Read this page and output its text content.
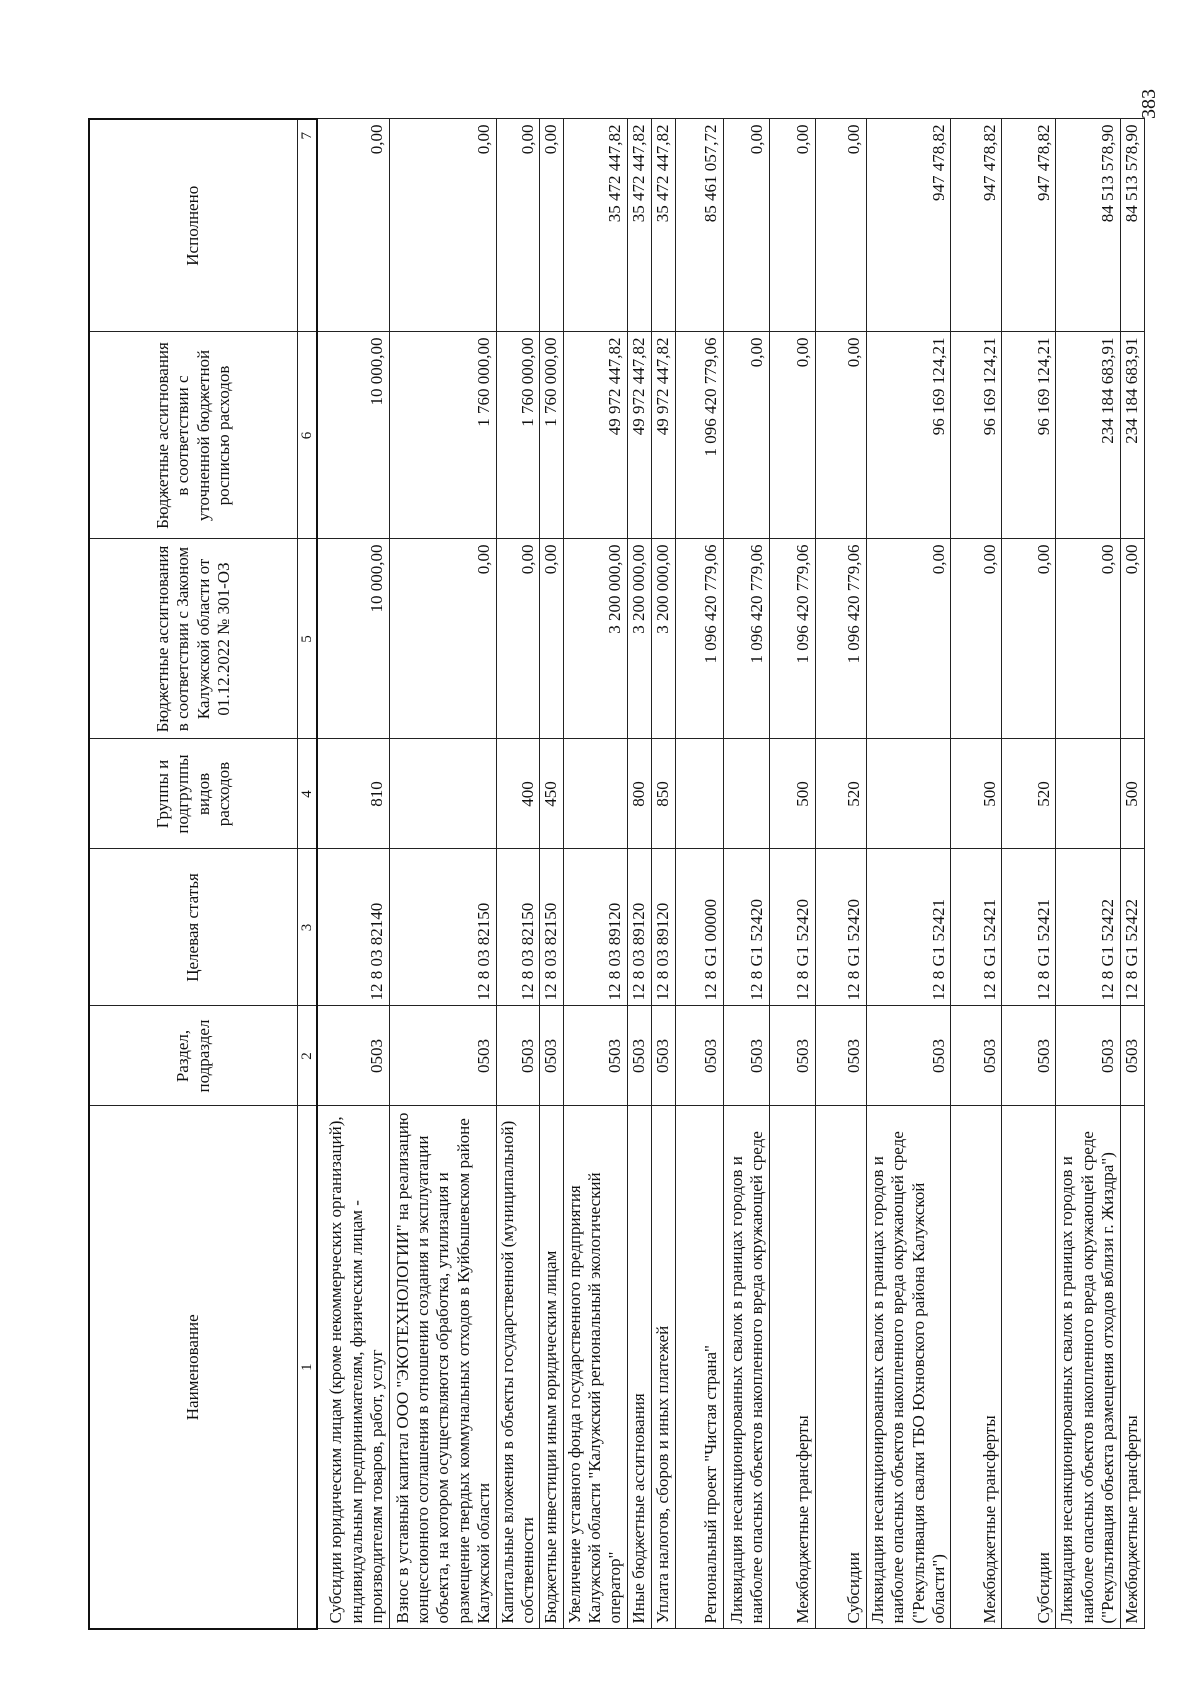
Наименование	Раздел, подраздел	Целевая статья	Группы и подгруппы видов расходов	Бюджетные ассигнования в соответствии с Законом Калужской области от 01.12.2022 № 301-ОЗ	Бюджетные ассигнования в соответствии с уточненной бюджетной росписью расходов	Исполнено
1	2	3	4	5	6	7
Субсидии юридическим лицам (кроме некоммерческих организаций), индивидуальным предпринимателям, физическим лицам - производителям товаров, работ, услуг	0503	12 8 03 82140	810	10 000,00	10 000,00	0,00
Взнос в уставный капитал ООО "ЭКОТЕХНОЛОГИИ" на реализацию концессионного соглашения в отношении создания и эксплуатации объекта, на котором осуществляются обработка, утилизация и размещение твердых коммунальных отходов в Куйбышевском районе Калужской области	0503	12 8 03 82150		0,00	1 760 000,00	0,00
Капитальные вложения в объекты государственной (муниципальной) собственности	0503	12 8 03 82150	400	0,00	1 760 000,00	0,00
Бюджетные инвестиции иным юридическим лицам	0503	12 8 03 82150	450	0,00	1 760 000,00	0,00
Увеличение уставного фонда государственного предприятия Калужской области "Калужский региональный экологический оператор"	0503	12 8 03 89120		3 200 000,00	49 972 447,82	35 472 447,82
Иные бюджетные ассигнования	0503	12 8 03 89120	800	3 200 000,00	49 972 447,82	35 472 447,82
Уплата налогов, сборов и иных платежей	0503	12 8 03 89120	850	3 200 000,00	49 972 447,82	35 472 447,82
Региональный проект "Чистая страна"	0503	12 8 G1 00000		1 096 420 779,06	1 096 420 779,06	85 461 057,72
Ликвидация несанкционированных свалок в границах городов и наиболее опасных объектов накопленного вреда окружающей среде	0503	12 8 G1 52420		1 096 420 779,06	0,00	0,00
Межбюджетные трансферты	0503	12 8 G1 52420	500	1 096 420 779,06	0,00	0,00
Субсидии	0503	12 8 G1 52420	520	1 096 420 779,06	0,00	0,00
Ликвидация несанкционированных свалок в границах городов и наиболее опасных объектов накопленного вреда окружающей среде ("Рекультивация свалки ТБО Юхновского района Калужской области")	0503	12 8 G1 52421		0,00	96 169 124,21	947 478,82
Межбюджетные трансферты	0503	12 8 G1 52421	500	0,00	96 169 124,21	947 478,82
Субсидии	0503	12 8 G1 52421	520	0,00	96 169 124,21	947 478,82
Ликвидация несанкционированных свалок в границах городов и наиболее опасных объектов накопленного вреда окружающей среде ("Рекультивация объекта размещения отходов вблизи г. Жиздра")	0503	12 8 G1 52422		0,00	234 184 683,91	84 513 578,90
Межбюджетные трансферты	0503	12 8 G1 52422	500	0,00	234 184 683,91	84 513 578,90
383
